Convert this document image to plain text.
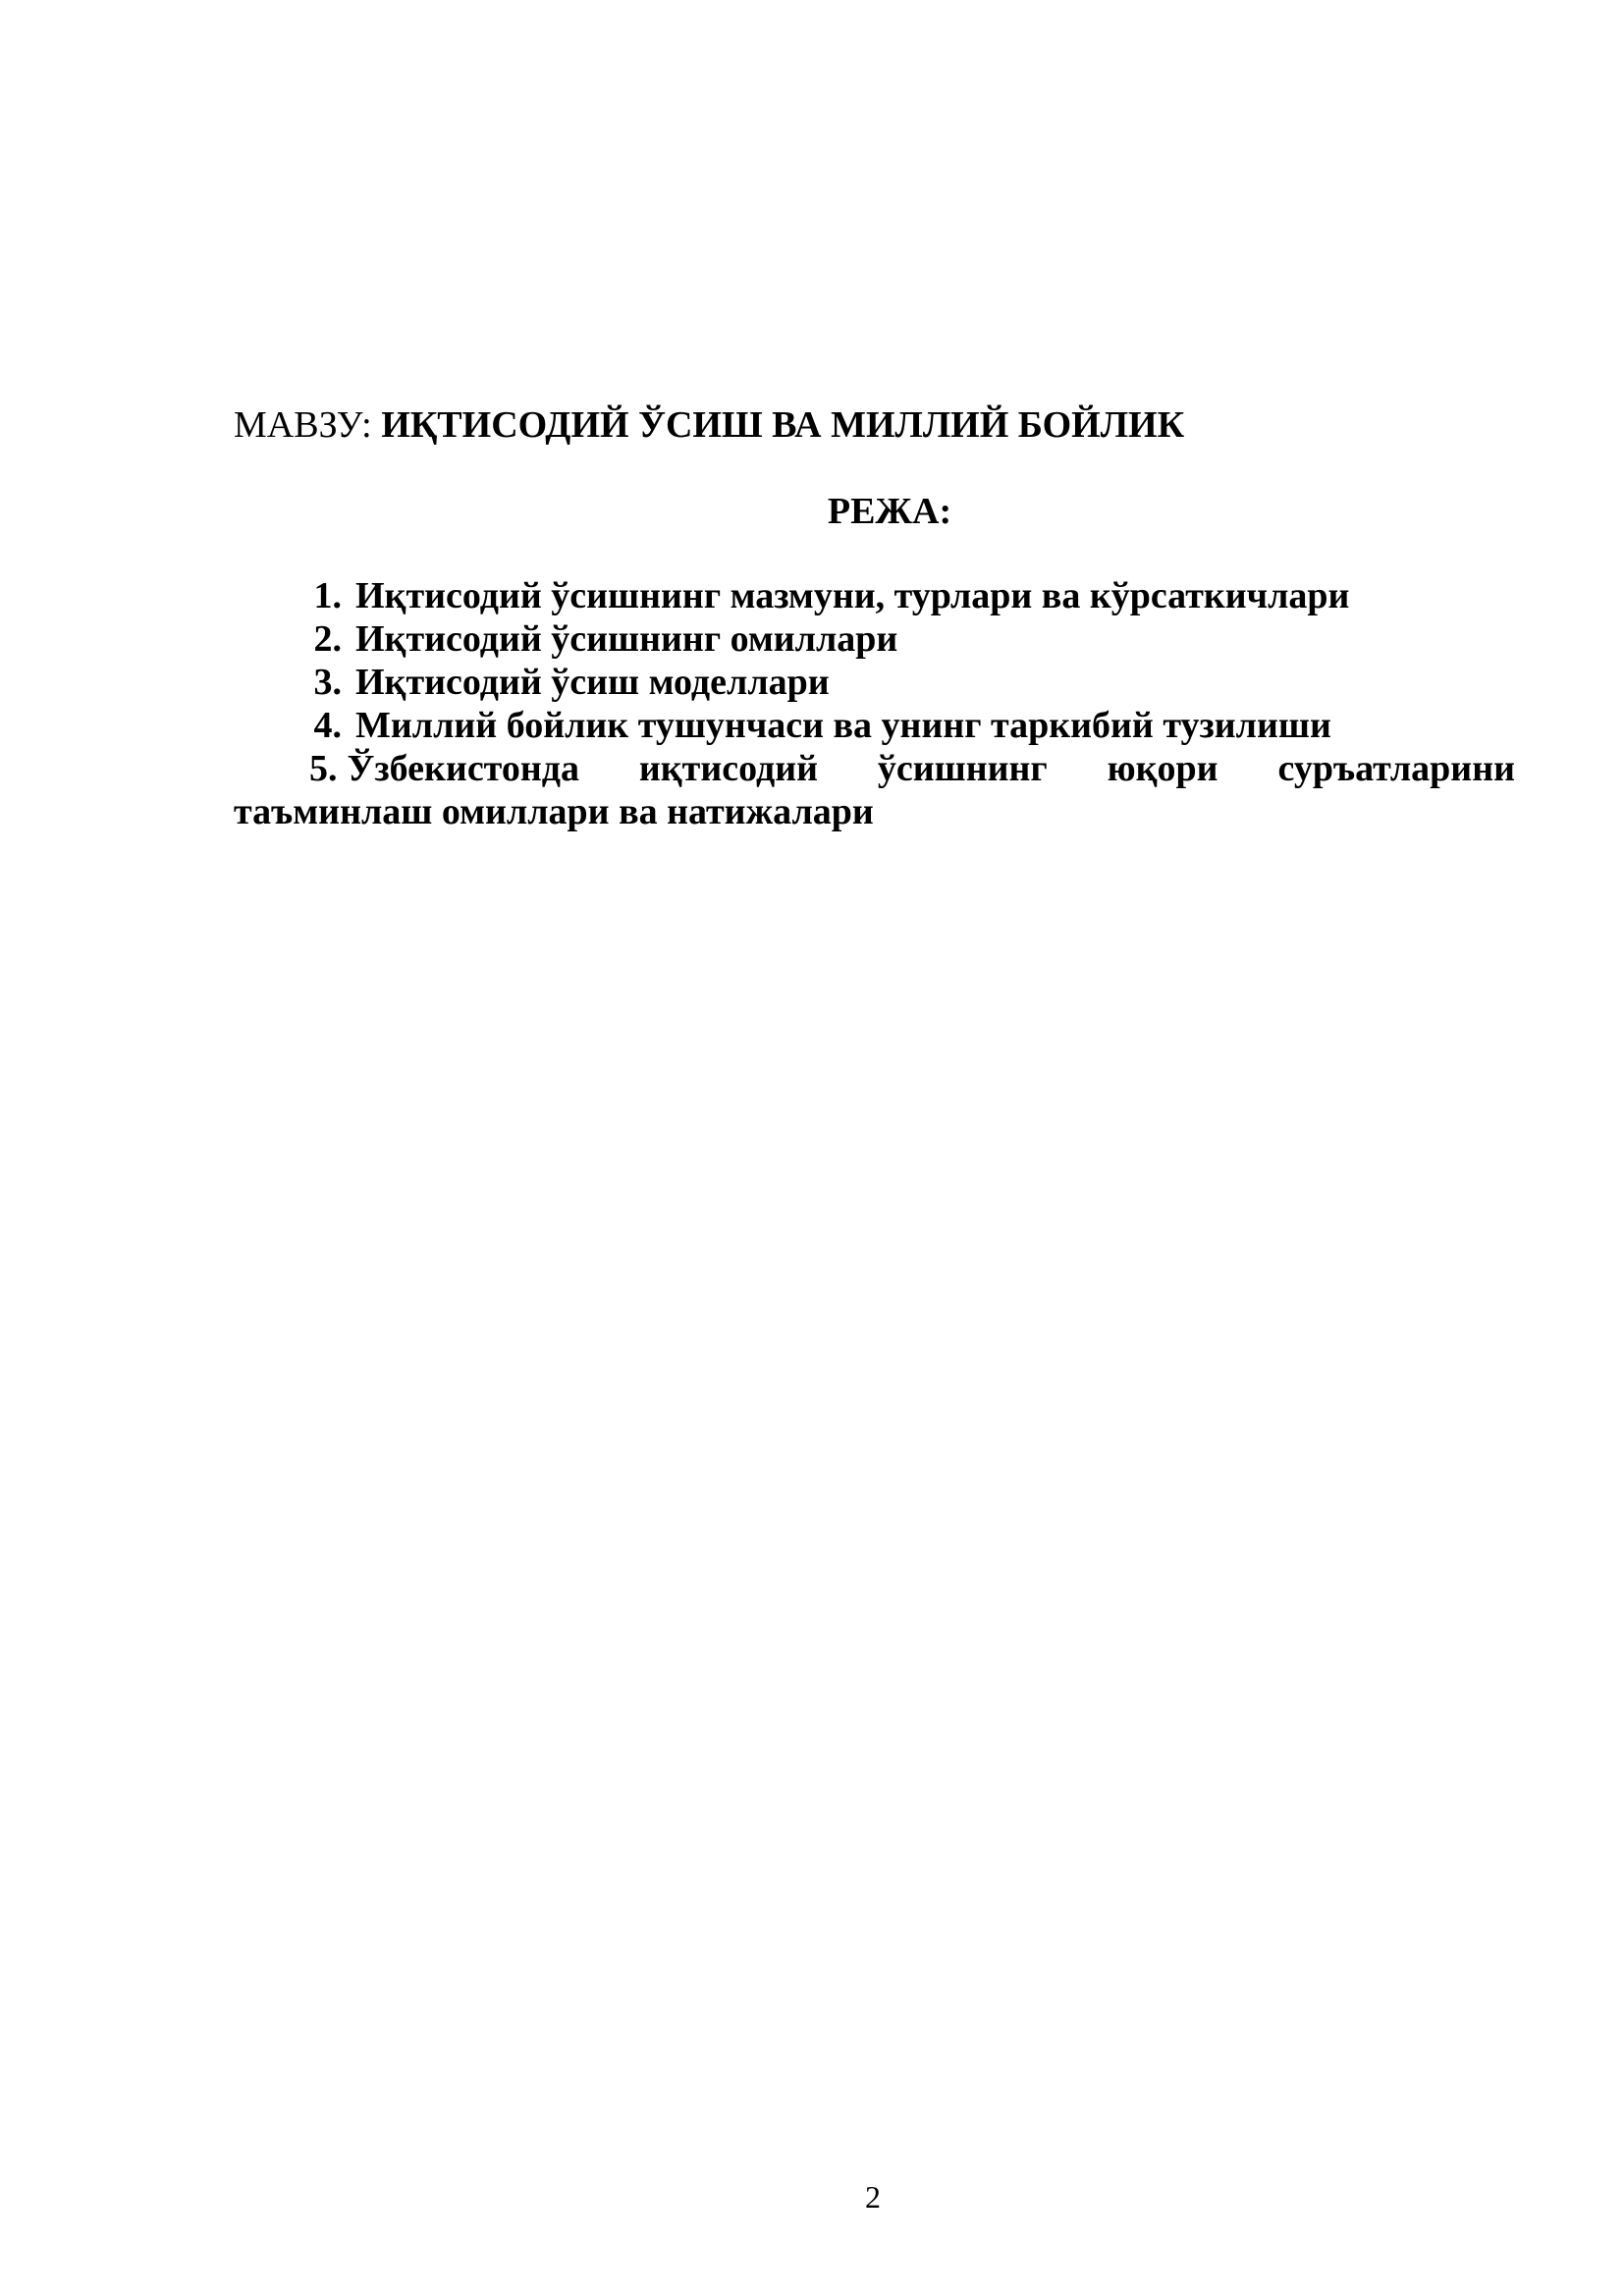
МАВЗУ: ИҚТИСОДИЙ ЎСИШ ВА МИЛЛИЙ БОЙЛИК
РЕЖА:
1. Иқтисодий ўсишнинг мазмуни, турлари ва кўрсаткичлари
2. Иқтисодий ўсишнинг омиллари
3. Иқтисодий ўсиш моделлари
4. Миллий бойлик тушунчаси ва унинг таркибий тузилиши

5. Ўзбекистонда иқтисодий ўсишнинг юқори суръатларини таъминлаш омиллари ва натижалари

2
